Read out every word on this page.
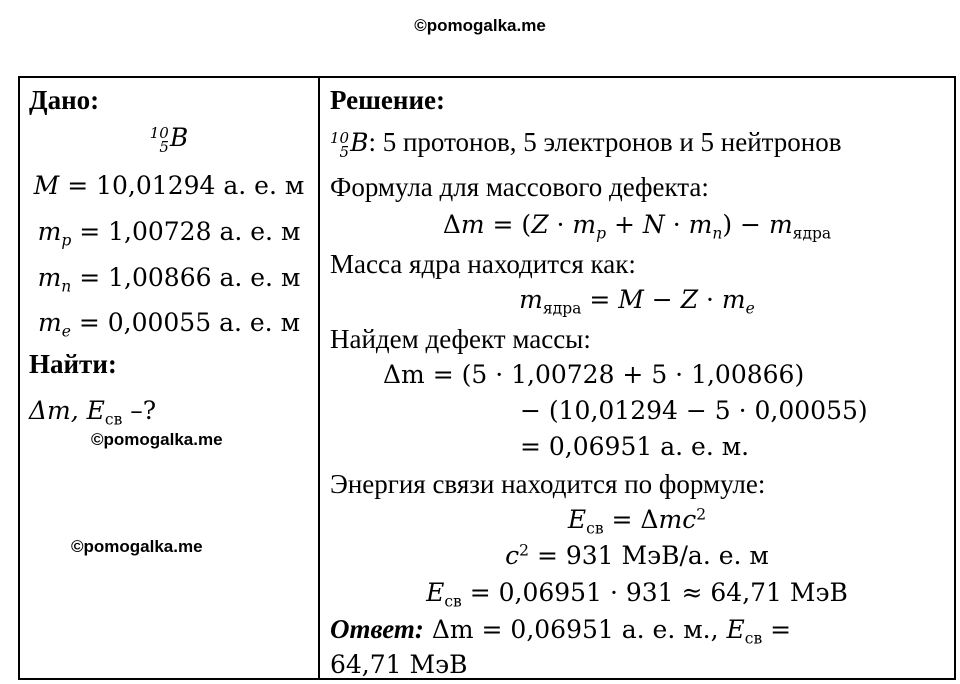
©pomogalka.me
Дано:
10
5 B
M = 10,01294 а. е. м
$m_p = 1,00728$ а. е. м
$m_n = 1,00866$ а. е. м
$m_e = 0,00055$ а. е. м
Найти:
Δm, $E_{св}$ –?

Решение:
10
5 B: 5 протонов, 5 электронов и 5 нейтронов
Формула для массового дефекта:
$\Delta m = (Z \cdot m_p + N \cdot m_n) - m_{ядра}$
Масса ядра находится как:
$m_{ядра} = M - Z \cdot m_e$
Найдем дефект массы:
Δm = (5 · 1,00728 + 5 · 1,00866)
− (10,01294 − 5 · 0,00055)
= 0,06951 а. е. м.
Энергия связи находится по формуле:
$E_{св} = \Delta mc^2$
$c^2 = 931$ МэВ/а. е. м
$E_{св} = 0,06951 \cdot 931 \approx 64,71$ МэВ
Ответ: Δm = 0,06951 а. е. м., $E_{св}$ =
64,71 МэВ
©pomogalka.me
©pomogalka.me
